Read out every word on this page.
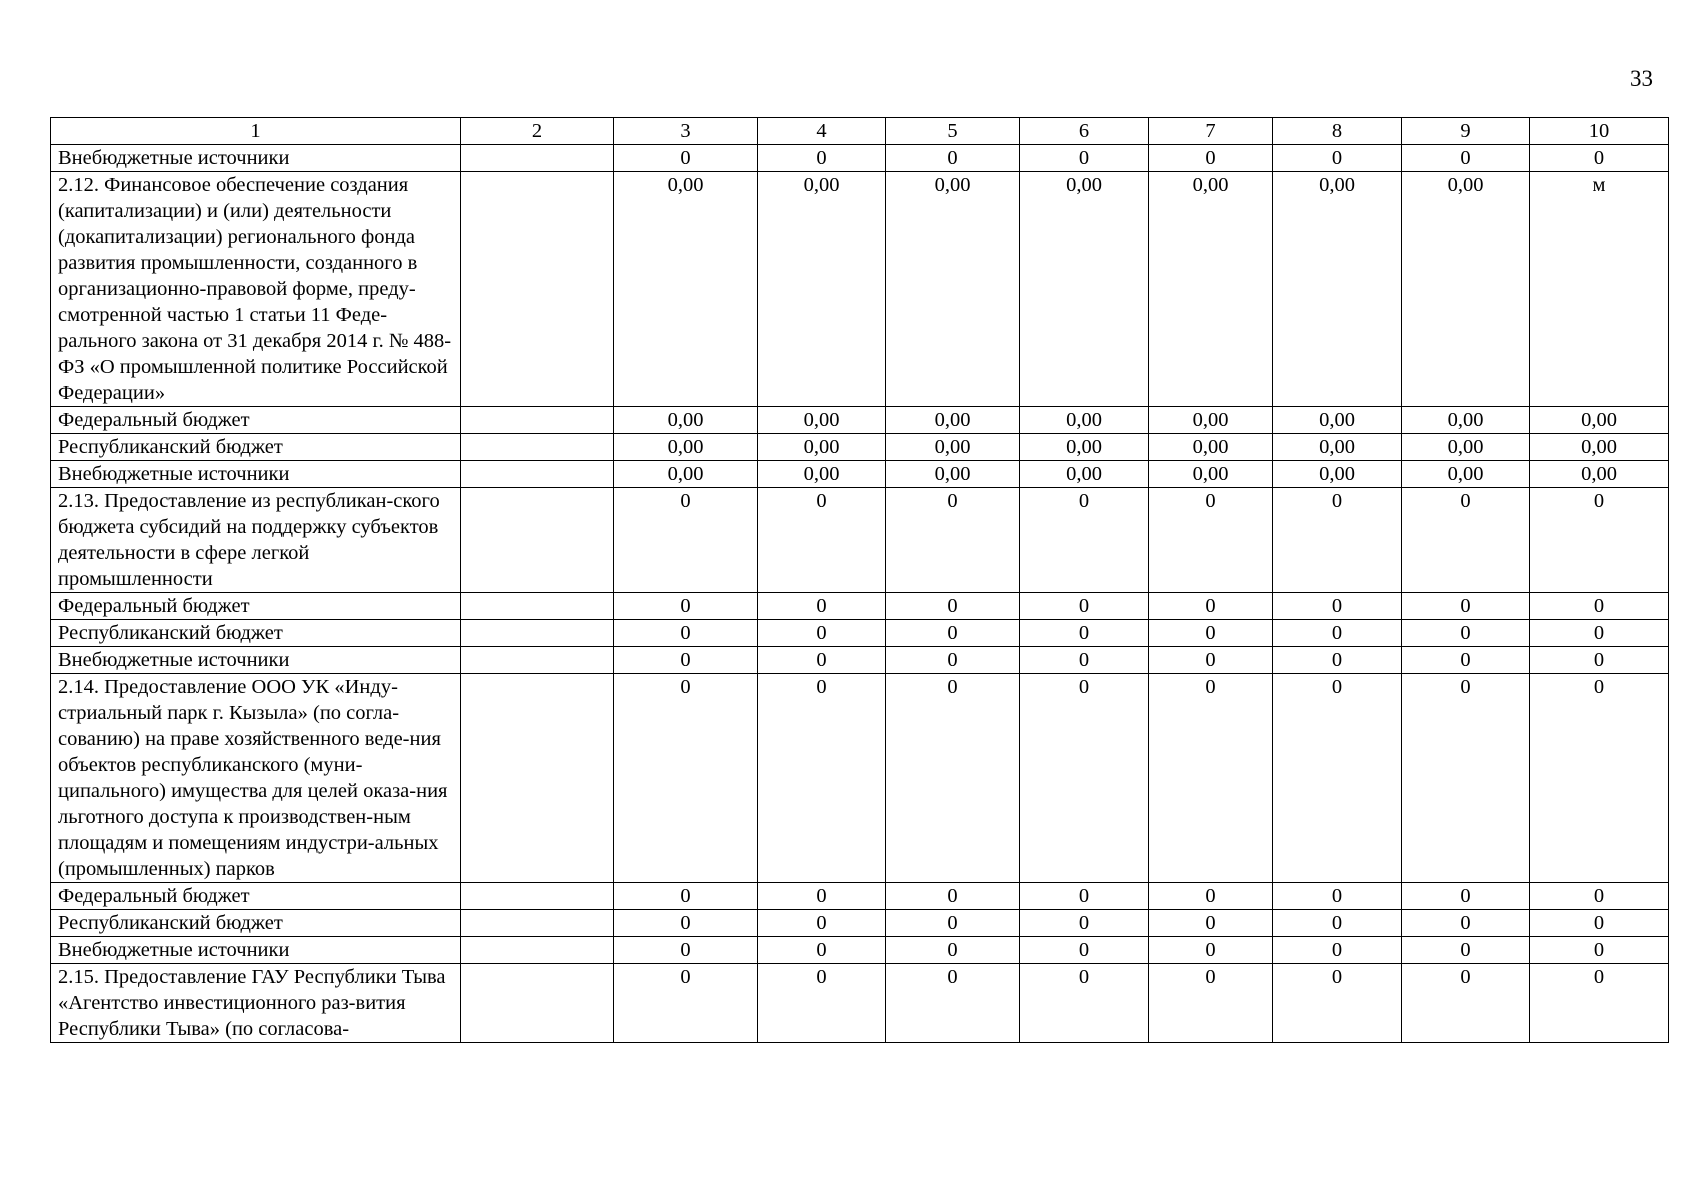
33
1	2	3	4	5	6	7	8	9	10
Внебюджетные источники		0	0	0	0	0	0	0	0
2.12. Финансовое обеспечение создания (капитализации) и (или) деятельности (докапитализации) регионального фонда развития промышленности, созданного в организационно-правовой форме, преду-смотренной частью 1 статьи 11 Феде-рального закона от 31 декабря 2014 г. № 488-ФЗ «О промышленной политике Российской Федерации»		0,00	0,00	0,00	0,00	0,00	0,00	0,00	м
Федеральный бюджет		0,00	0,00	0,00	0,00	0,00	0,00	0,00	0,00
Республиканский бюджет		0,00	0,00	0,00	0,00	0,00	0,00	0,00	0,00
Внебюджетные источники		0,00	0,00	0,00	0,00	0,00	0,00	0,00	0,00
2.13. Предоставление из республикан-ского бюджета субсидий на поддержку субъектов деятельности в сфере легкой промышленности		0	0	0	0	0	0	0	0
Федеральный бюджет		0	0	0	0	0	0	0	0
Республиканский бюджет		0	0	0	0	0	0	0	0
Внебюджетные источники		0	0	0	0	0	0	0	0
2.14. Предоставление ООО УК «Инду-стриальный парк г. Кызыла» (по согла-сованию) на праве хозяйственного веде-ния объектов республиканского (муни-ципального) имущества для целей оказа-ния льготного доступа к производствен-ным площадям и помещениям индустри-альных (промышленных) парков		0	0	0	0	0	0	0	0
Федеральный бюджет		0	0	0	0	0	0	0	0
Республиканский бюджет		0	0	0	0	0	0	0	0
Внебюджетные источники		0	0	0	0	0	0	0	0
2.15. Предоставление ГАУ Республики Тыва «Агентство инвестиционного раз-вития Республики Тыва» (по согласова-		0	0	0	0	0	0	0	0
